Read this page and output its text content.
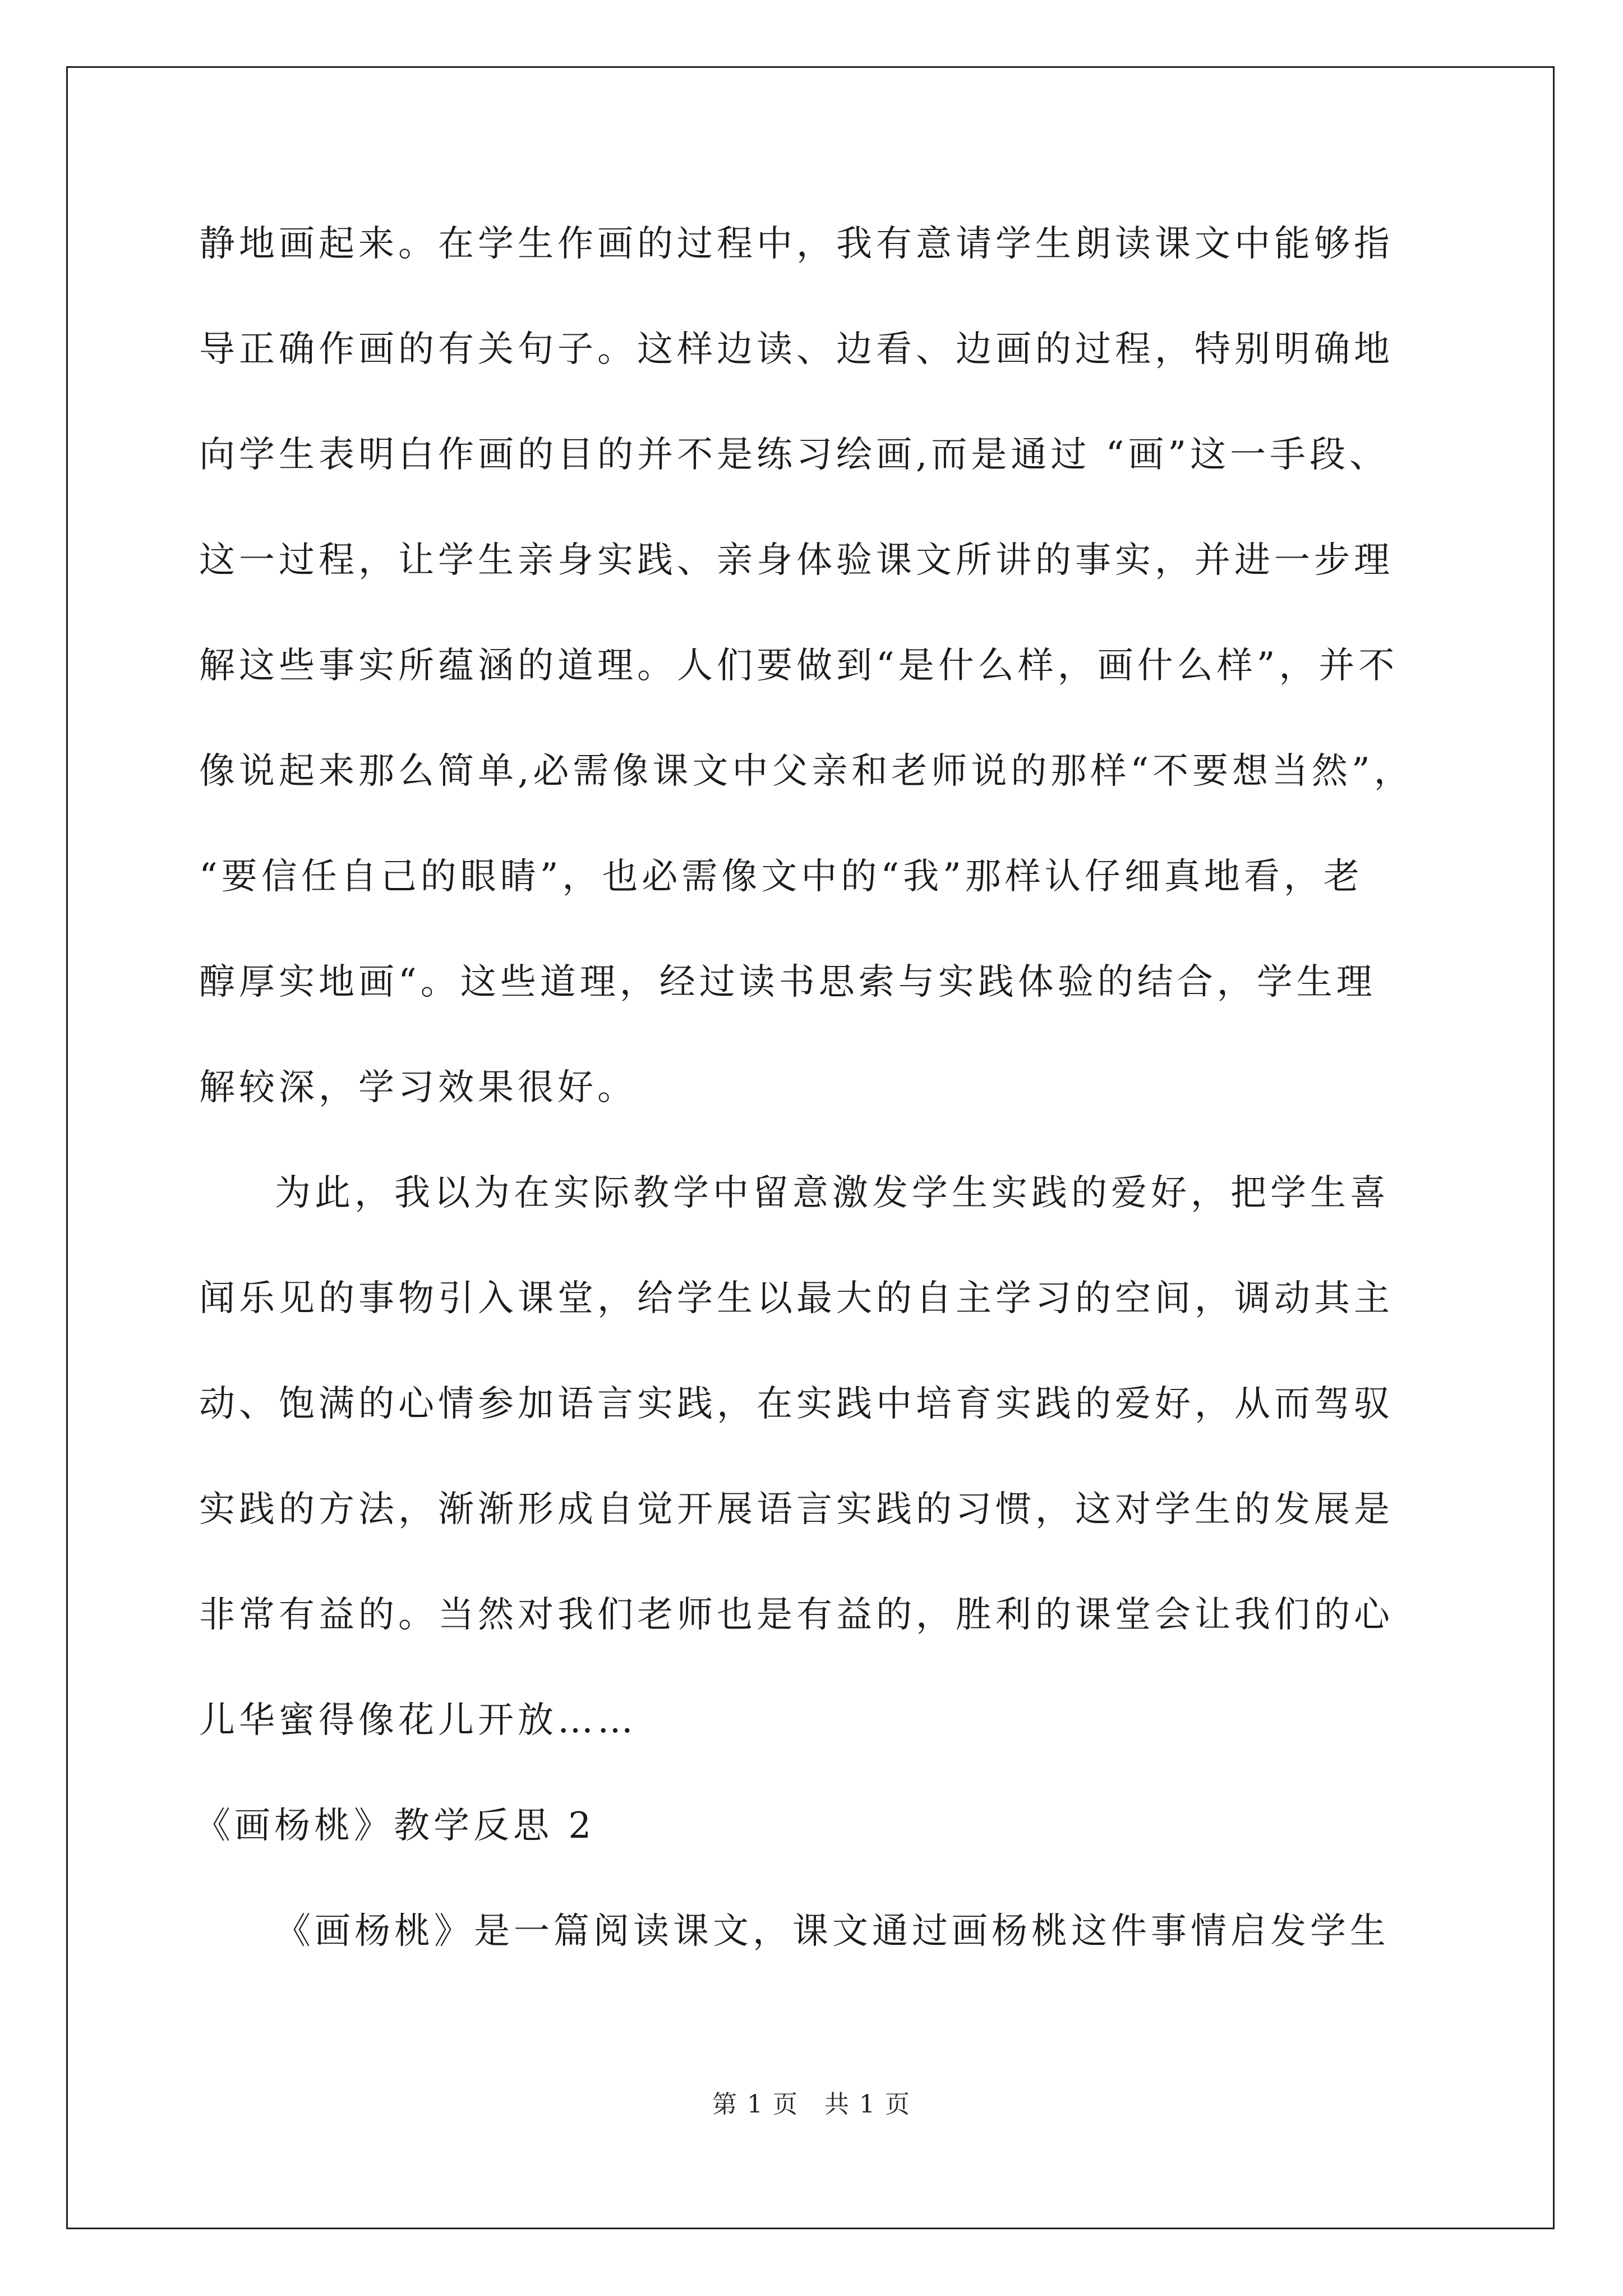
静地画起来。在学生作画的过程中，我有意请学生朗读课文中能够指
导正确作画的有关句子。这样边读、边看、边画的过程，特别明确地
向学生表明白作画的目的并不是练习绘画,而是通过 “画”这一手段、
这一过程，让学生亲身实践、亲身体验课文所讲的事实，并进一步理
解这些事实所蕴涵的道理。人们要做到“是什么样，画什么样”，并不
像说起来那么简单,必需像课文中父亲和老师说的那样“不要想当然”，
“要信任自己的眼睛”，也必需像文中的“我”那样认仔细真地看，老
醇厚实地画“。这些道理，经过读书思索与实践体验的结合，学生理
解较深，学习效果很好。
为此，我以为在实际教学中留意激发学生实践的爱好，把学生喜
闻乐见的事物引入课堂，给学生以最大的自主学习的空间，调动其主
动、饱满的心情参加语言实践，在实践中培育实践的爱好，从而驾驭
实践的方法，渐渐形成自觉开展语言实践的习惯，这对学生的发展是
非常有益的。当然对我们老师也是有益的，胜利的课堂会让我们的心
儿华蜜得像花儿开放……
《画杨桃》教学反思 2
《画杨桃》是一篇阅读课文，课文通过画杨桃这件事情启发学生
第 1 页　共 1 页
